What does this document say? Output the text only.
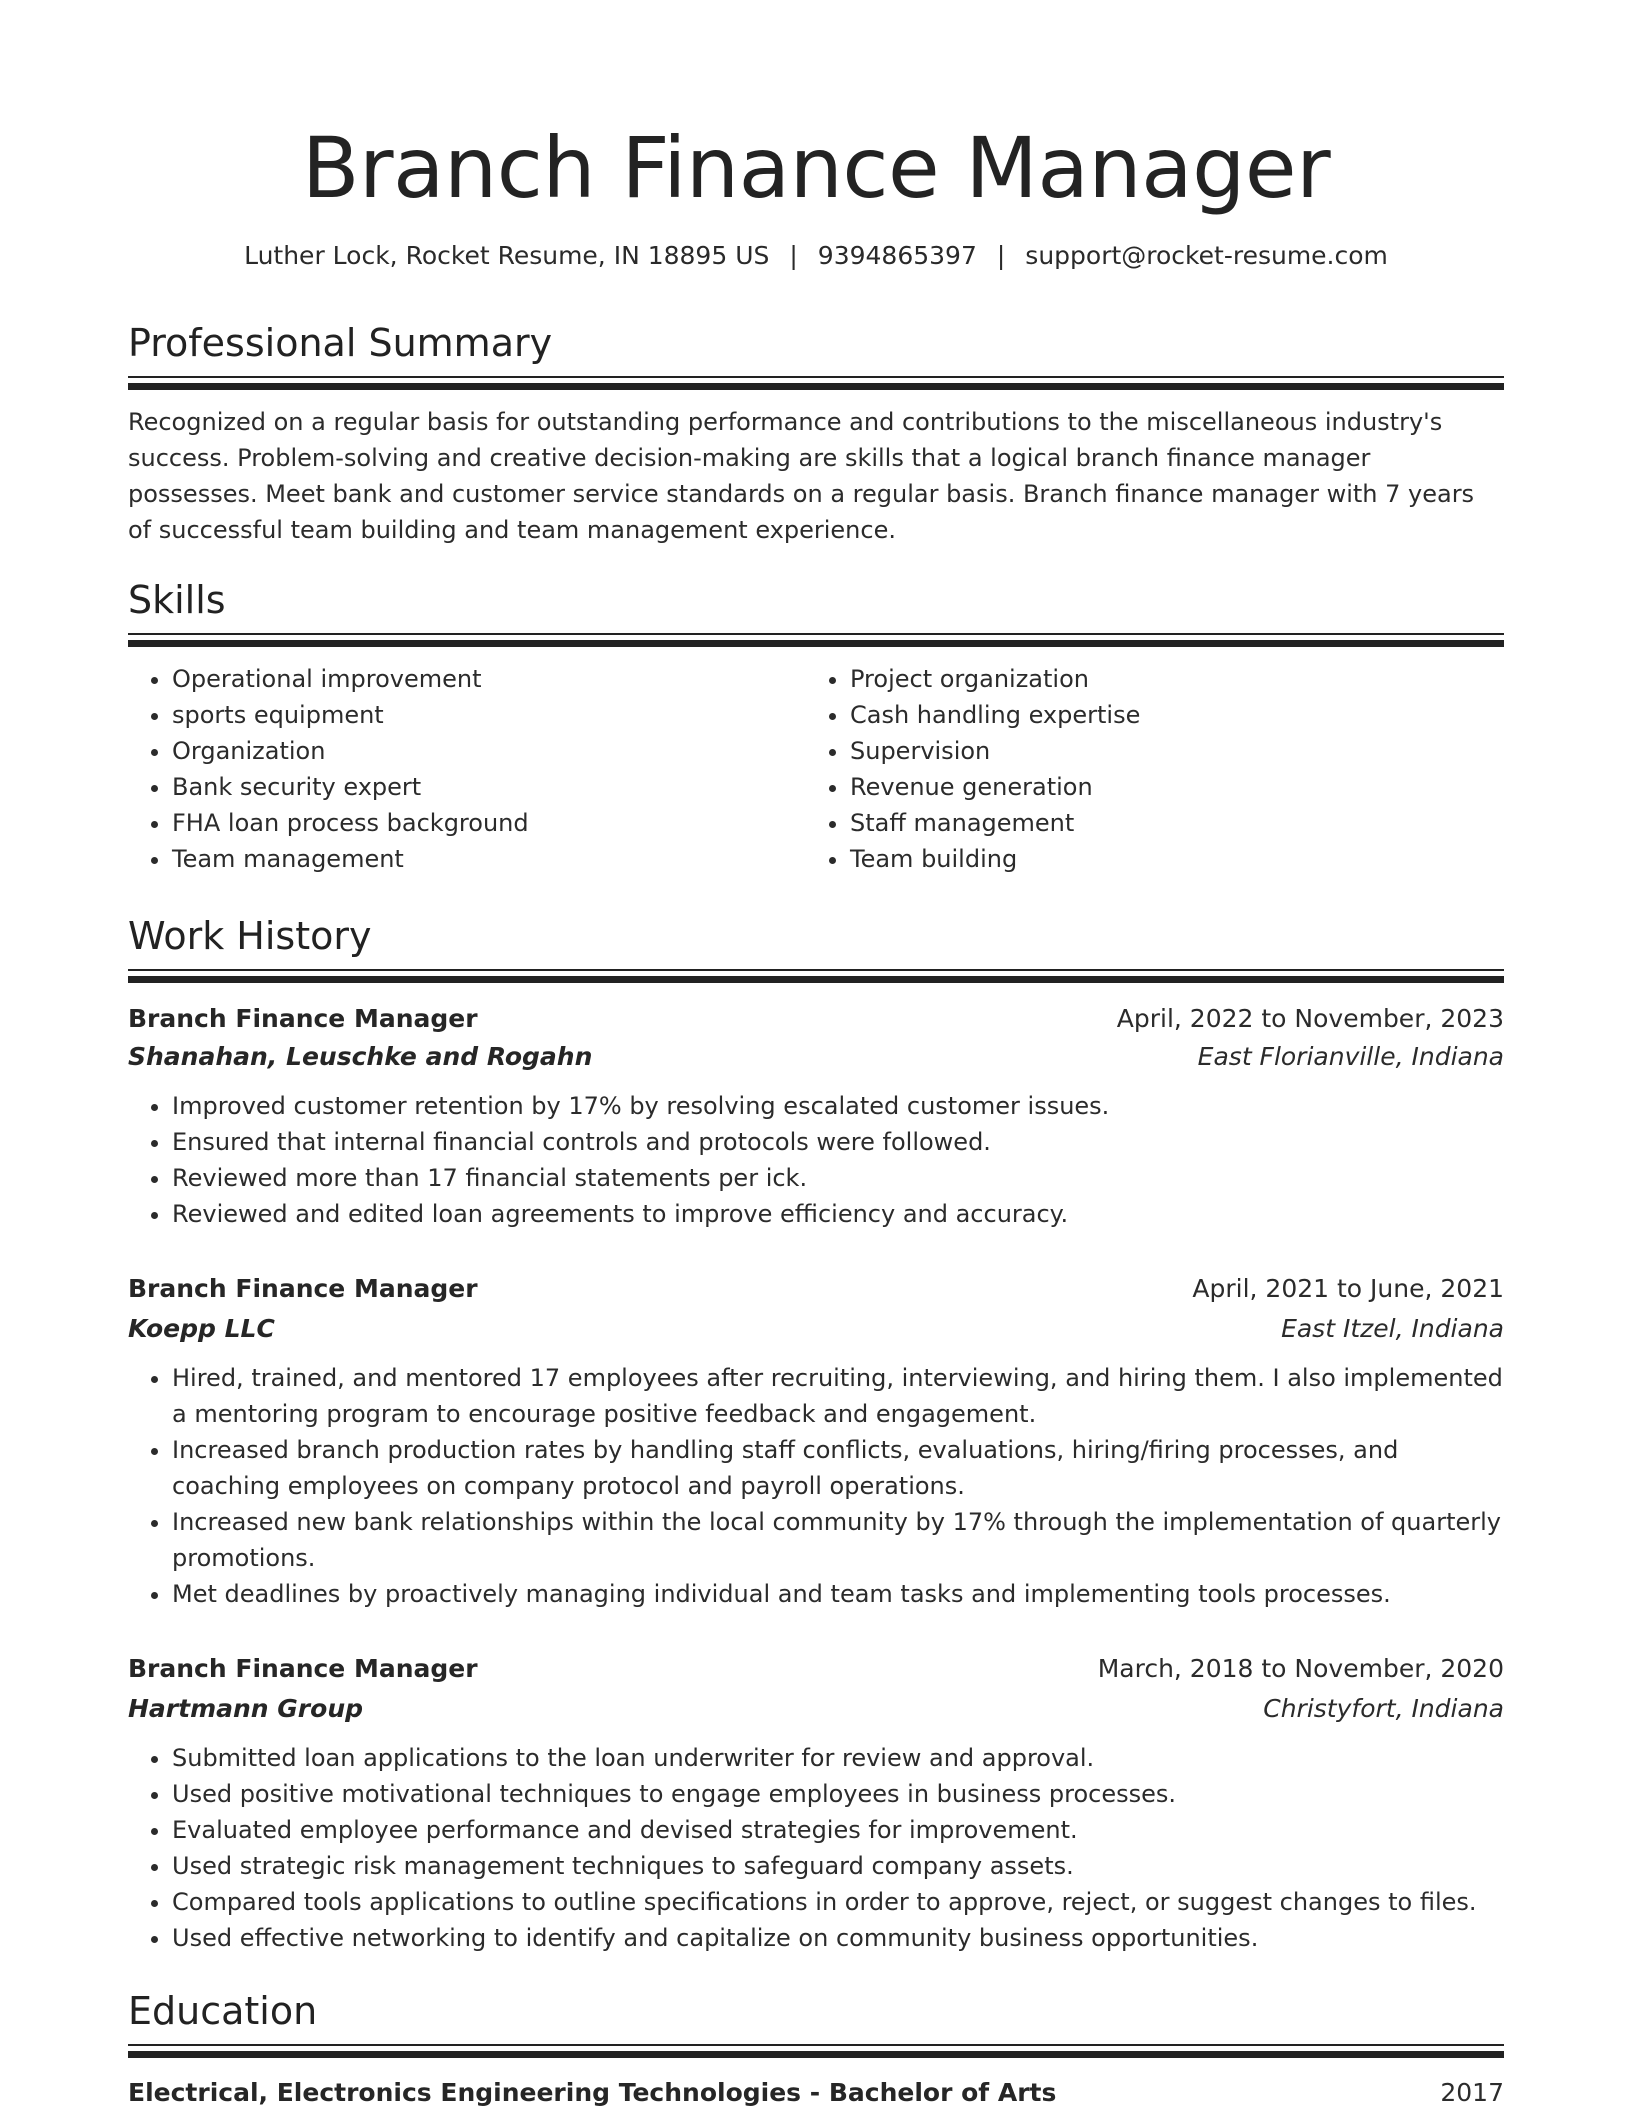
Branch Finance Manager
Luther Lock, Rocket Resume, IN 18895 US | 9394865397 | support@rocket-resume.com
Professional Summary
Recognized on a regular basis for outstanding performance and contributions to the miscellaneous industry's success. Problem-solving and creative decision-making are skills that a logical branch finance manager possesses. Meet bank and customer service standards on a regular basis. Branch finance manager with 7 years of successful team building and team management experience.
Skills
• Operational improvement
• sports equipment
• Organization
• Bank security expert
• FHA loan process background
• Team management
• Project organization
• Cash handling expertise
• Supervision
• Revenue generation
• Staff management
• Team building
Work History
Branch Finance Manager	April, 2022 to November, 2023
Shanahan, Leuschke and Rogahn	East Florianville, Indiana
• Improved customer retention by 17% by resolving escalated customer issues.
• Ensured that internal financial controls and protocols were followed.
• Reviewed more than 17 financial statements per ick.
• Reviewed and edited loan agreements to improve efficiency and accuracy.
Branch Finance Manager	April, 2021 to June, 2021
Koepp LLC	East Itzel, Indiana
• Hired, trained, and mentored 17 employees after recruiting, interviewing, and hiring them. I also implemented a mentoring program to encourage positive feedback and engagement.
• Increased branch production rates by handling staff conflicts, evaluations, hiring/firing processes, and coaching employees on company protocol and payroll operations.
• Increased new bank relationships within the local community by 17% through the implementation of quarterly promotions.
• Met deadlines by proactively managing individual and team tasks and implementing tools processes.
Branch Finance Manager	March, 2018 to November, 2020
Hartmann Group	Christyfort, Indiana
• Submitted loan applications to the loan underwriter for review and approval.
• Used positive motivational techniques to engage employees in business processes.
• Evaluated employee performance and devised strategies for improvement.
• Used strategic risk management techniques to safeguard company assets.
• Compared tools applications to outline specifications in order to approve, reject, or suggest changes to files.
• Used effective networking to identify and capitalize on community business opportunities.
Education
Electrical, Electronics Engineering Technologies - Bachelor of Arts	2017
